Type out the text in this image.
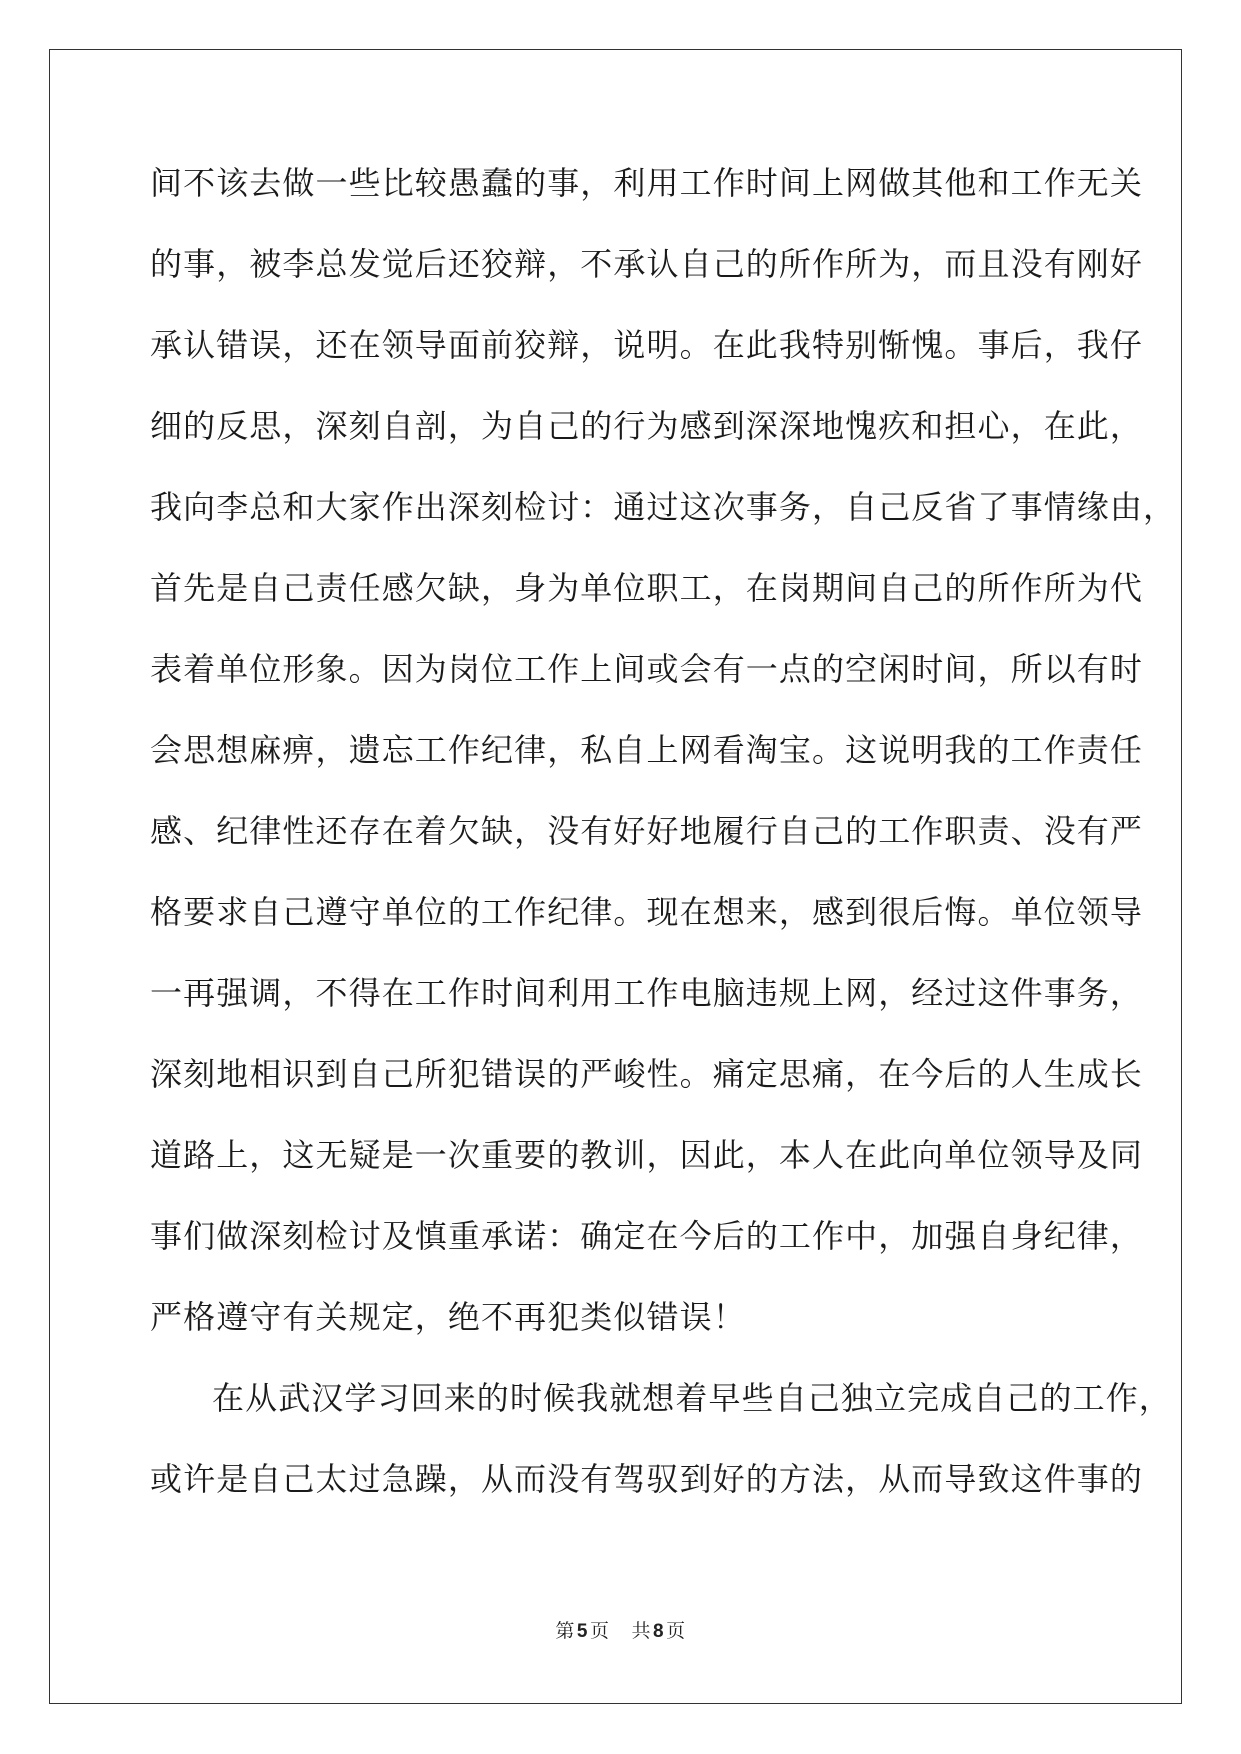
间不该去做一些比较愚蠢的事，利用工作时间上网做其他和工作无关
的事，被李总发觉后还狡辩，不承认自己的所作所为，而且没有刚好
承认错误，还在领导面前狡辩，说明。在此我特别惭愧。事后，我仔
细的反思，深刻自剖，为自己的行为感到深深地愧疚和担心，在此，
我向李总和大家作出深刻检讨：通过这次事务，自己反省了事情缘由，
首先是自己责任感欠缺，身为单位职工，在岗期间自己的所作所为代
表着单位形象。因为岗位工作上间或会有一点的空闲时间，所以有时
会思想麻痹，遗忘工作纪律，私自上网看淘宝。这说明我的工作责任
感、纪律性还存在着欠缺，没有好好地履行自己的工作职责、没有严
格要求自己遵守单位的工作纪律。现在想来，感到很后悔。单位领导
一再强调，不得在工作时间利用工作电脑违规上网，经过这件事务，
深刻地相识到自己所犯错误的严峻性。痛定思痛，在今后的人生成长
道路上，这无疑是一次重要的教训，因此，本人在此向单位领导及同
事们做深刻检讨及慎重承诺：确定在今后的工作中，加强自身纪律，
严格遵守有关规定，绝不再犯类似错误！
在从武汉学习回来的时候我就想着早些自己独立完成自己的工作，
或许是自己太过急躁，从而没有驾驭到好的方法，从而导致这件事的
第 5 页 共 8 页
